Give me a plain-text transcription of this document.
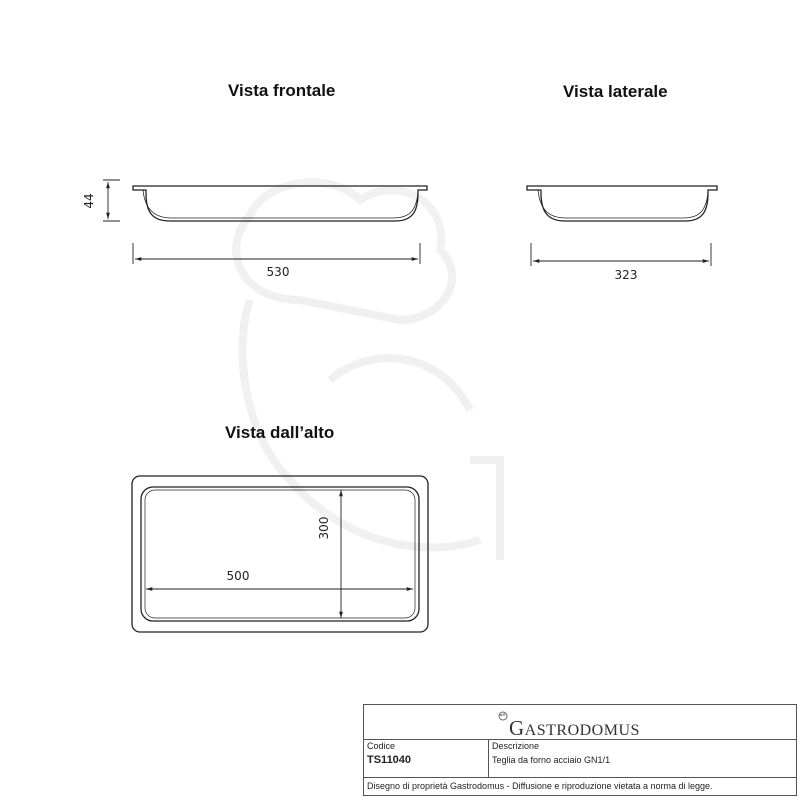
44
530	323
500
300
Vista frontale	Vista laterale
Vista dall’alto
GASTRODOMUS
Codice
TS11040
Descrizione
Teglia da forno acciaio GN1/1
Disegno di proprietà Gastrodomus - Diffusione e riproduzione vietata a norma di legge.
